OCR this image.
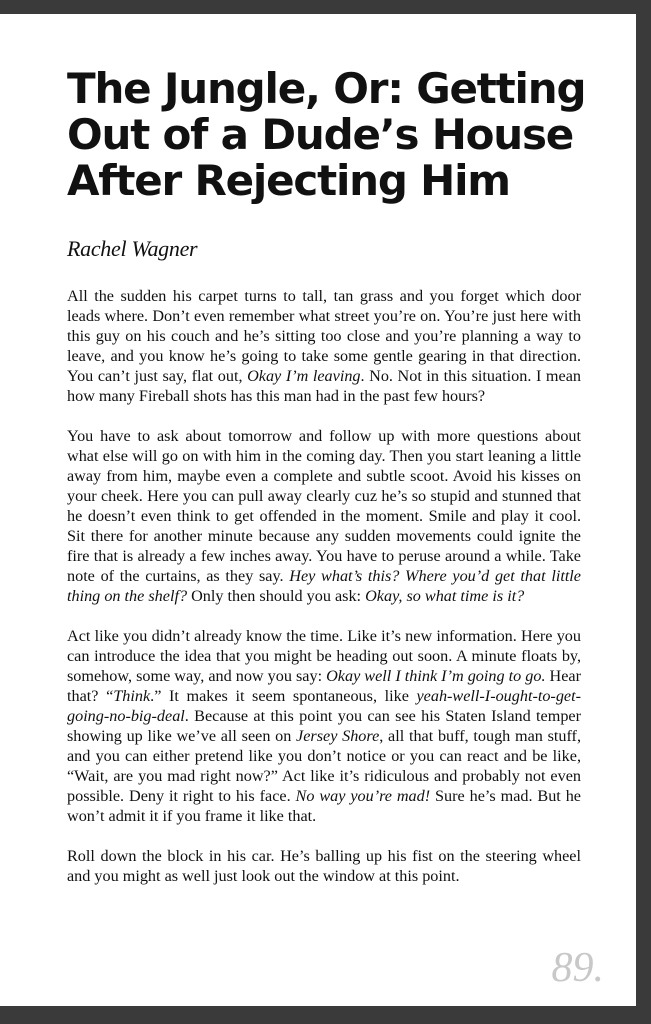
The Jungle, Or: Getting Out of a Dude’s House After Rejecting Him
Rachel Wagner

All the sudden his carpet turns to tall, tan grass and you forget which door leads where. Don’t even remember what street you’re on. You’re just here with this guy on his couch and he’s sitting too close and you’re planning a way to leave, and you know he’s going to take some gentle gearing in that direction. You can’t just say, flat out, Okay I’m leaving. No. Not in this situation. I mean how many Fireball shots has this man had in the past few hours?

You have to ask about tomorrow and follow up with more questions about what else will go on with him in the coming day. Then you start leaning a little away from him, maybe even a complete and subtle scoot. Avoid his kisses on your cheek. Here you can pull away clearly cuz he’s so stupid and stunned that he doesn’t even think to get offended in the moment. Smile and play it cool. Sit there for another minute because any sudden movements could ignite the fire that is already a few inches away. You have to peruse around a while. Take note of the curtains, as they say. Hey what’s this? Where you’d get that little thing on the shelf? Only then should you ask: Okay, so what time is it?

Act like you didn’t already know the time. Like it’s new information. Here you can introduce the idea that you might be heading out soon. A minute floats by, somehow, some way, and now you say: Okay well I think I’m going to go. Hear that? “Think.” It makes it seem spontaneous, like yeah-well-I-ought-to-get-going-no-big-deal. Because at this point you can see his Staten Island temper showing up like we’ve all seen on Jersey Shore, all that buff, tough man stuff, and you can either pretend like you don’t notice or you can react and be like, “Wait, are you mad right now?” Act like it’s ridiculous and probably not even possible. Deny it right to his face. No way you’re mad! Sure he’s mad. But he won’t admit it if you frame it like that.

Roll down the block in his car. He’s balling up his fist on the steering wheel and you might as well just look out the window at this point.

89.
